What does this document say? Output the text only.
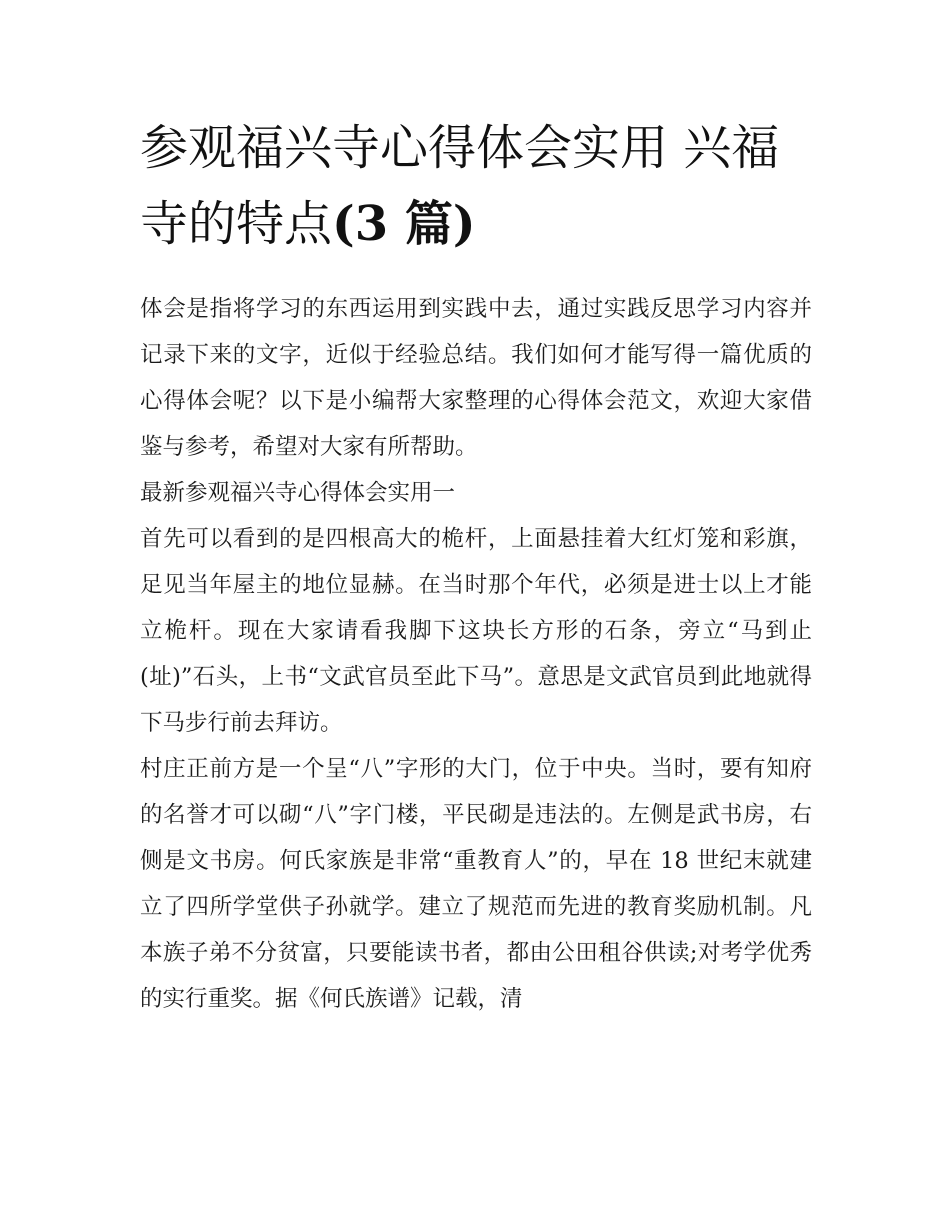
参观福兴寺心得体会实用 兴福寺的特点(3 篇)

体会是指将学习的东西运用到实践中去，通过实践反思学习内容并记录下来的文字，近似于经验总结。我们如何才能写得一篇优质的心得体会呢？以下是小编帮大家整理的心得体会范文，欢迎大家借鉴与参考，希望对大家有所帮助。

最新参观福兴寺心得体会实用一

首先可以看到的是四根高大的桅杆，上面悬挂着大红灯笼和彩旗，足见当年屋主的地位显赫。在当时那个年代，必须是进士以上才能立桅杆。现在大家请看我脚下这块长方形的石条，旁立“马到止(址)”石头，上书“文武官员至此下马”。意思是文武官员到此地就得下马步行前去拜访。

村庄正前方是一个呈“八”字形的大门，位于中央。当时，要有知府的名誉才可以砌“八”字门楼，平民砌是违法的。左侧是武书房，右侧是文书房。何氏家族是非常“重教育人”的，早在 18 世纪末就建立了四所学堂供子孙就学。建立了规范而先进的教育奖励机制。凡本族子弟不分贫富，只要能读书者，都由公田租谷供读;对考学优秀的实行重奖。据《何氏族谱》记载，清
